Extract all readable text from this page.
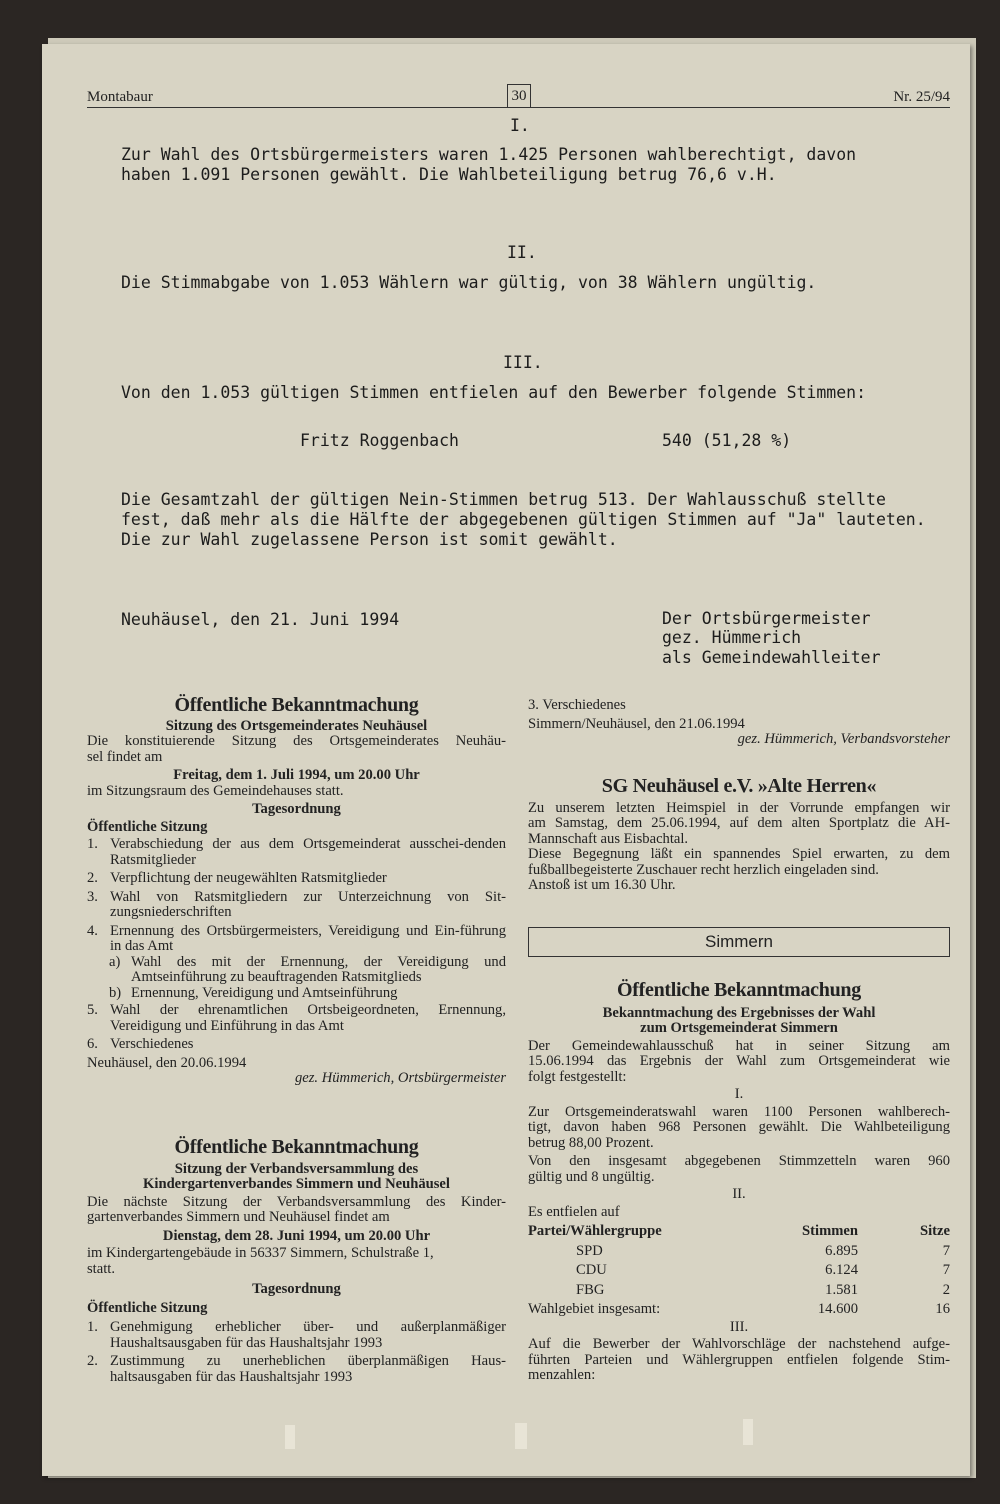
Montabaur	30	Nr. 25/94
I.
Zur Wahl des Ortsbürgermeisters waren 1.425 Personen wahlberechtigt, davon
haben 1.091 Personen gewählt. Die Wahlbeteiligung betrug 76,6 v.H.
II.
Die Stimmabgabe von 1.053 Wählern war gültig, von 38 Wählern ungültig.
III.
Von den 1.053 gültigen Stimmen entfielen auf den Bewerber folgende Stimmen:
Fritz Roggenbach	540 (51,28 %)
Die Gesamtzahl der gültigen Nein-Stimmen betrug 513. Der Wahlausschuß stellte
fest, daß mehr als die Hälfte der abgegebenen gültigen Stimmen auf "Ja" lauteten.
Die zur Wahl zugelassene Person ist somit gewählt.
Neuhäusel, den 21. Juni 1994	Der Ortsbürgermeister
gez. Hümmerich
als Gemeindewahlleiter
Öffentliche Bekanntmachung
Sitzung des Ortsgemeinderates Neuhäusel
Die konstituierende Sitzung des Ortsgemeinderates Neuhäu-
sel findet am
Freitag, dem 1. Juli 1994, um 20.00 Uhr
im Sitzungsraum des Gemeindehauses statt.
Tagesordnung
Öffentliche Sitzung
1. Verabschiedung der aus dem Ortsgemeinderat ausschei-denden Ratsmitglieder
2. Verpflichtung der neugewählten Ratsmitglieder
3. Wahl von Ratsmitgliedern zur Unterzeichnung von Sit-zungsniederschriften
4. Ernennung des Ortsbürgermeisters, Vereidigung und Ein-führung in das Amt
a) Wahl des mit der Ernennung, der Vereidigung und Amtseinführung zu beauftragenden Ratsmitglieds
b) Ernennung, Vereidigung und Amtseinführung
5. Wahl der ehrenamtlichen Ortsbeigeordneten, Ernennung, Vereidigung und Einführung in das Amt
6. Verschiedenes
Neuhäusel, den 20.06.1994
gez. Hümmerich, Ortsbürgermeister
Öffentliche Bekanntmachung
Sitzung der Verbandsversammlung des
Kindergartenverbandes Simmern und Neuhäusel
Die nächste Sitzung der Verbandsversammlung des Kinder-
gartenverbandes Simmern und Neuhäusel findet am
Dienstag, dem 28. Juni 1994, um 20.00 Uhr
im Kindergartengebäude in 56337 Simmern, Schulstraße 1,
statt.
Tagesordnung
Öffentliche Sitzung
1. Genehmigung erheblicher über- und außerplanmäßiger Haushaltsausgaben für das Haushaltsjahr 1993
2. Zustimmung zu unerheblichen überplanmäßigen Haus-haltsausgaben für das Haushaltsjahr 1993
3. Verschiedenes
Simmern/Neuhäusel, den 21.06.1994
gez. Hümmerich, Verbandsvorsteher
SG Neuhäusel e.V. »Alte Herren«
Zu unserem letzten Heimspiel in der Vorrunde empfangen wir
am Samstag, dem 25.06.1994, auf dem alten Sportplatz die AH-
Mannschaft aus Eisbachtal.
Diese Begegnung läßt ein spannendes Spiel erwarten, zu dem
fußballbegeisterte Zuschauer recht herzlich eingeladen sind.
Anstoß ist um 16.30 Uhr.
Simmern
Öffentliche Bekanntmachung
Bekanntmachung des Ergebnisses der Wahl
zum Ortsgemeinderat Simmern
Der Gemeindewahlausschuß hat in seiner Sitzung am
15.06.1994 das Ergebnis der Wahl zum Ortsgemeinderat wie
folgt festgestellt:
I.
Zur Ortsgemeinderatswahl waren 1100 Personen wahlberech-
tigt, davon haben 968 Personen gewählt. Die Wahlbeteiligung
betrug 88,00 Prozent.
Von den insgesamt abgegebenen Stimmzetteln waren 960
gültig und 8 ungültig.
II.
Es entfielen auf
Partei/Wählergruppe	Stimmen	Sitze
SPD	6.895	7
CDU	6.124	7
FBG	1.581	2
Wahlgebiet insgesamt:	14.600	16
III.
Auf die Bewerber der Wahlvorschläge der nachstehend aufge-
führten Parteien und Wählergruppen entfielen folgende Stim-
menzahlen:
